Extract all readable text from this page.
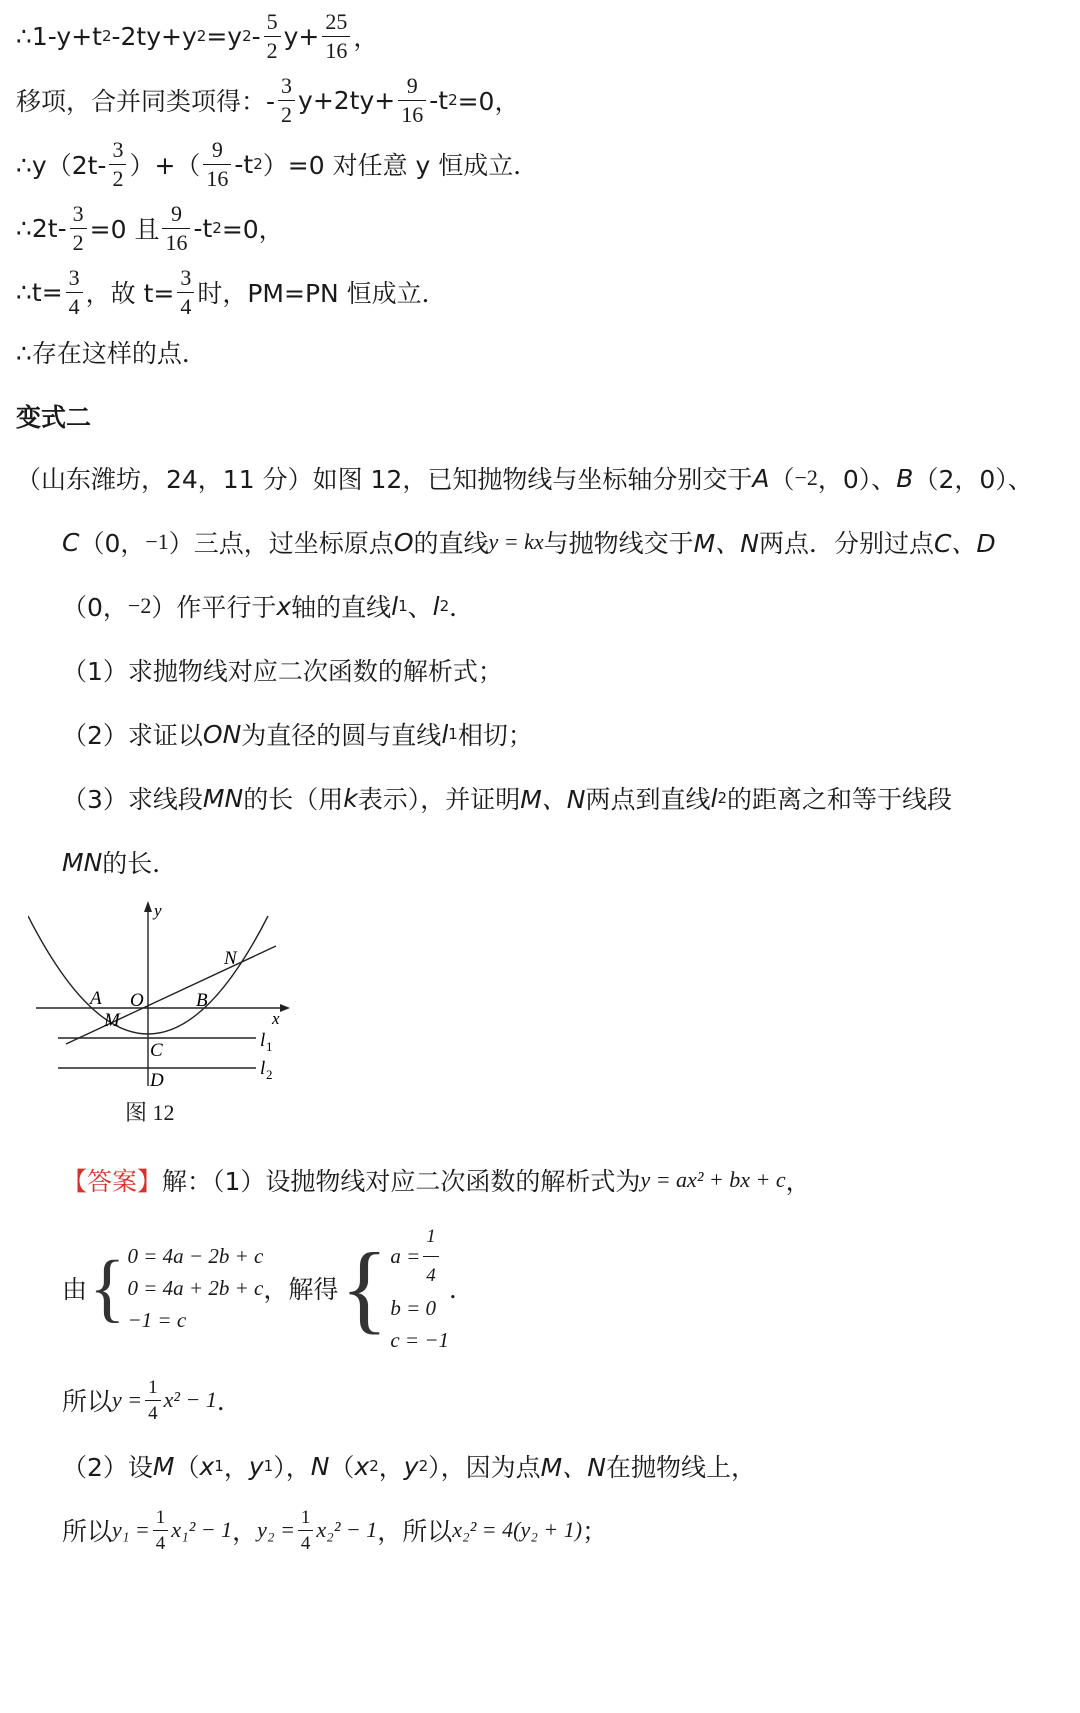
∴1-y+t 2 -2ty+y 2 =y $2 - \frac{5}{2} y+ \frac{25}{16}$ ，
移项，合并同类项得：- $\frac{3}{2} y+2ty+ \frac{9}{16} -t$ 2 =0，
∴y（2t- $\frac{3}{2}$ ）+（ $\frac{9}{16} -t$ 2 ）=0 对任意 y 恒成立．
∴2t- $\frac{3}{2} =0$ 且 $\frac{9}{16} -t$ 2 =0，
∴t= $\frac{3}{4}$ ，故 $t= \frac{3}{4}$ 时，PM=PN 恒成立．
∴存在这样的点．
变式二
（山东潍坊，24，11 分）如图 12，已知抛物线与坐标轴分别交于 A （ −2 ，0）、 B （2，0）、
C （0， −1 ）三点，过坐标原点 O 的直线 y = kx 与抛物线交于 M、N 两点．分别过点 C、D
（0， −2 ）作平行于 x 轴的直线 l 1 、 l 2 ．
（1）求抛物线对应二次函数的解析式；
（2）求证以 ON 为直径的圆与直线 l 1 相切；
（3）求线段 MN 的长（用 k 表示），并证明 M、N 两点到直线 l 2 的距离之和等于线段
MN 的长．
y
x
A O	B
M
N
C
D
l 1
l 2
图 12
【答案】 解：（1）设抛物线对应二次函数的解析式为 y = ax² + bx + c ，
由 { 0 = 4a − 2b + c
0 = 4a + 2b + c
−1 = c
，解得 { $a = \frac{1}{4}$
b = 0
c = −1
．
所以 $y = \frac{1}{4} x^2 - 1$ ．
（2）设 M （ x 1 ， y 1 ）， N （ x 2 ， y 2 ），因为点 M、N 在抛物线上，
所以 $y_1 = \frac{1}{4} x_1^2 - 1$ ， $y_2 = \frac{1}{4} x_2^2 - 1$ ，所以 x₂² = 4(y₂ + 1) ；
